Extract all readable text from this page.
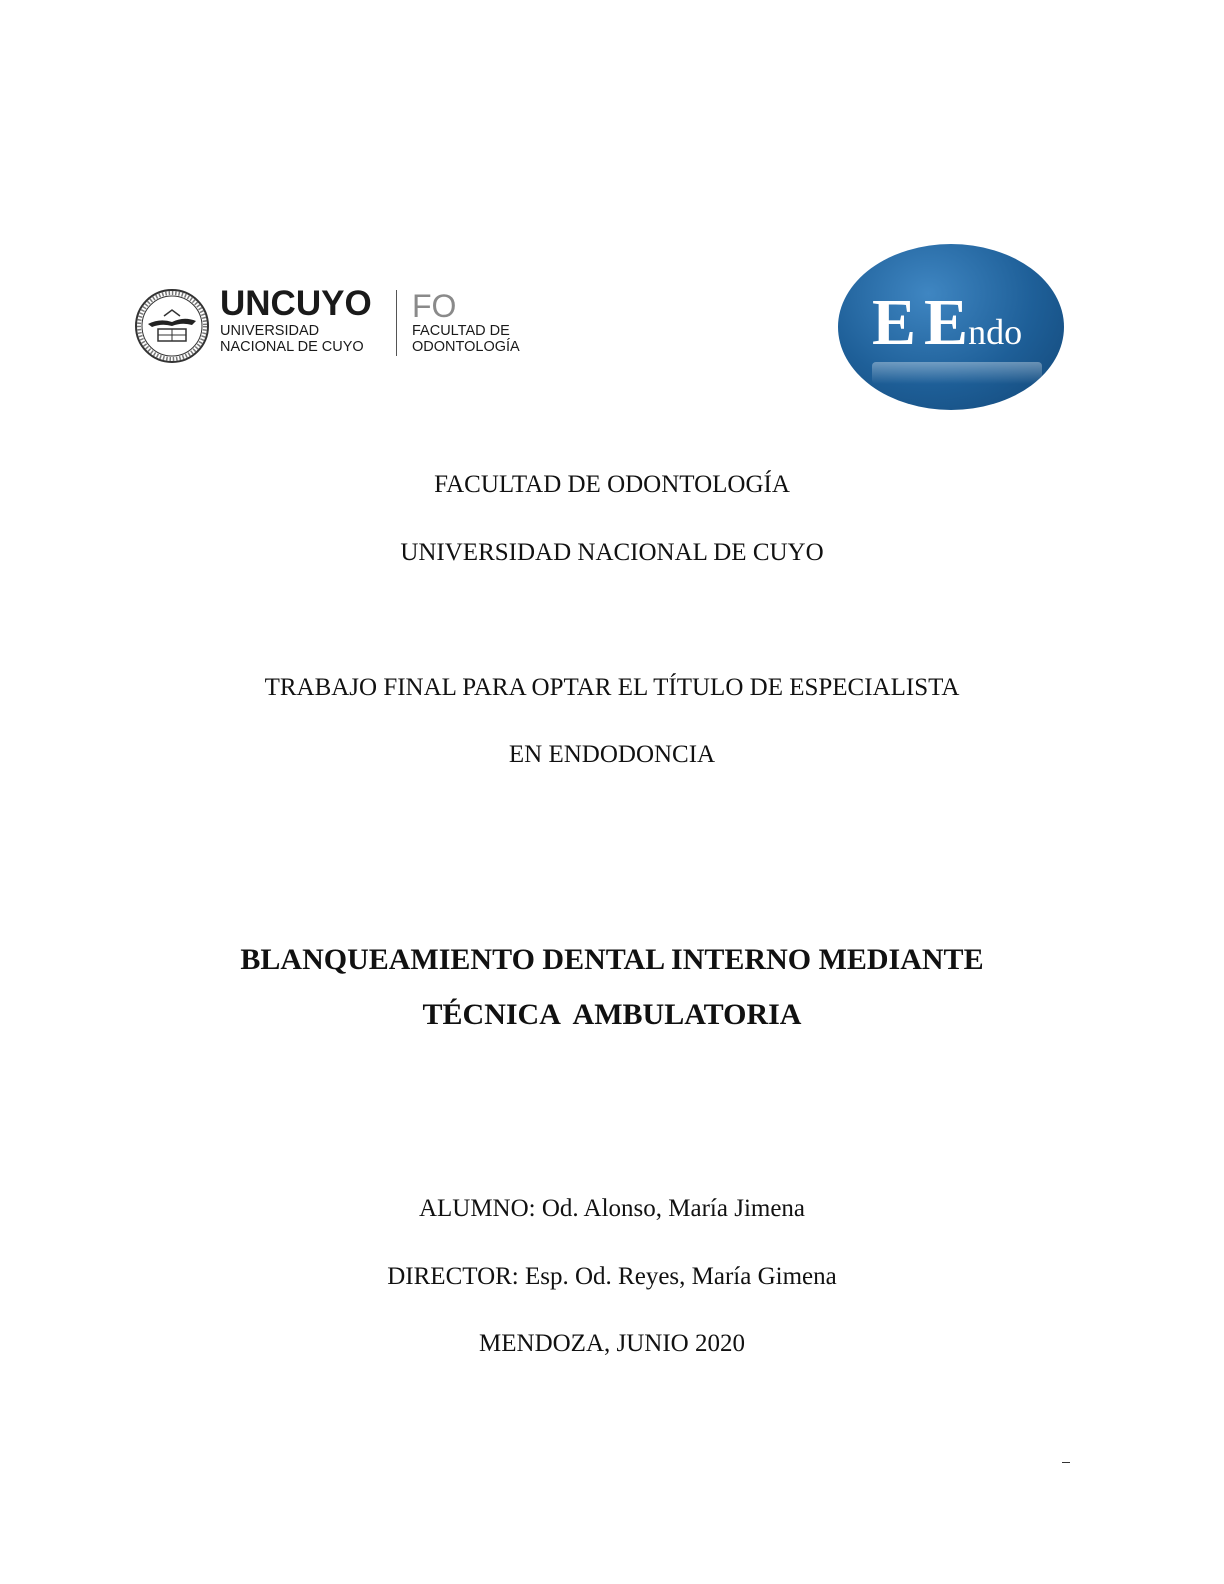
UNCUYO
UNIVERSIDAD
NACIONAL DE CUYO
FO
FACULTAD DE
ODONTOLOGÍA	E Endo
FACULTAD DE ODONTOLOGÍA
UNIVERSIDAD NACIONAL DE CUYO
TRABAJO FINAL PARA OPTAR EL TÍTULO DE ESPECIALISTA
EN ENDODONCIA
BLANQUEAMIENTO DENTAL INTERNO MEDIANTE
TÉCNICA  AMBULATORIA
ALUMNO: Od. Alonso, María Jimena
DIRECTOR: Esp. Od. Reyes, María Gimena
MENDOZA, JUNIO 2020
